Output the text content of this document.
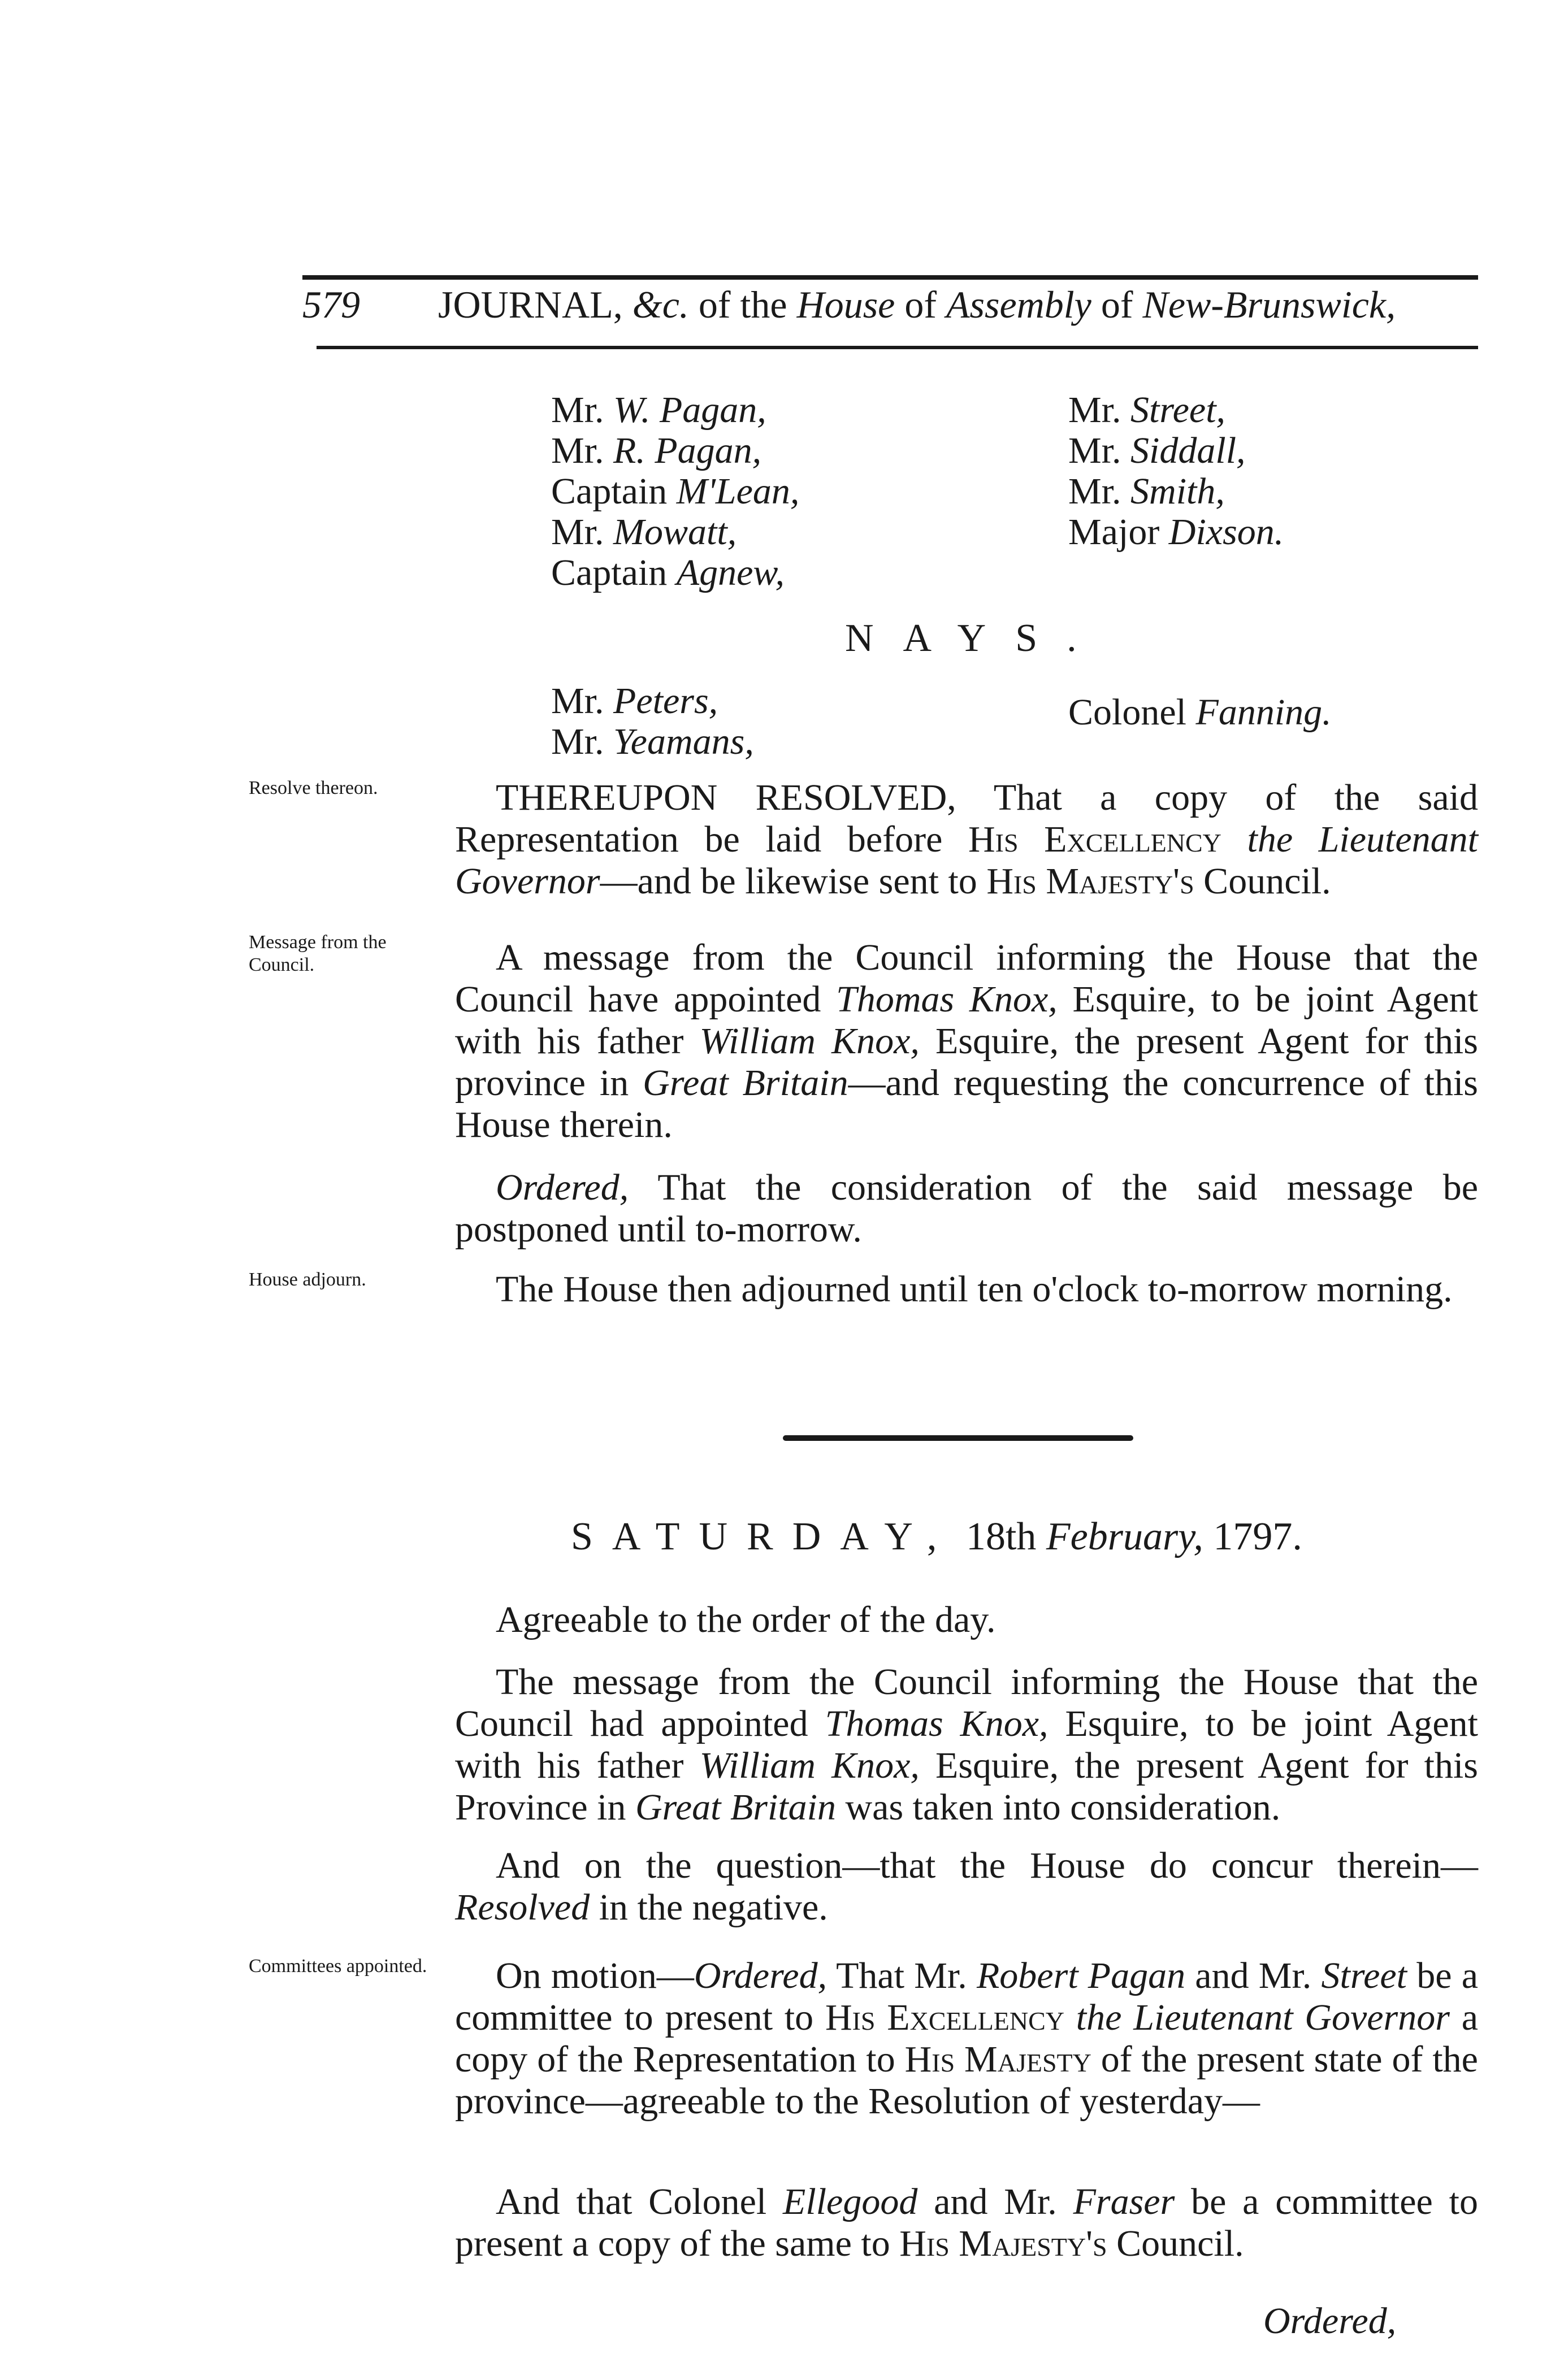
579 JOURNAL, &c. of the House of Assembly of New-Brunswick,
Mr. W. Pagan,
Mr. R. Pagan,
Captain M'Lean,
Mr. Mowatt,
Captain Agnew,
Mr. Street,
Mr. Siddall,
Mr. Smith,
Major Dixson.
NAYS.
Mr. Peters,
Mr. Yeamans,
Colonel Fanning.
Resolve thereon.	THEREUPON RESOLVED, That a copy of the said Representation be laid before His Excellency the Lieutenant Governor—and be likewise sent to His Majesty's Council.

Message from the Council.	A message from the Council informing the House that the Council have appointed Thomas Knox, Esquire, to be joint Agent with his father William Knox, Esquire, the present Agent for this province in Great Britain—and requesting the concurrence of this House therein.

Ordered, That the consideration of the said message be postponed until to-morrow.

House adjourn.	The House then adjourned until ten o'clock to-morrow morning.

SATURDAY, 18th February, 1797.

Agreeable to the order of the day.

The message from the Council informing the House that the Council had appointed Thomas Knox, Esquire, to be joint Agent with his father William Knox, Esquire, the present Agent for this Province in Great Britain was taken into consideration.

And on the question—that the House do concur therein—Resolved in the negative.

Committees appointed.	On motion—Ordered, That Mr. Robert Pagan and Mr. Street be a committee to present to His Excellency the Lieutenant Governor a copy of the Representation to His Majesty of the present state of the province—agreeable to the Resolution of yesterday—

And that Colonel Ellegood and Mr. Fraser be a committee to present a copy of the same to His Majesty's Council.

Ordered,
